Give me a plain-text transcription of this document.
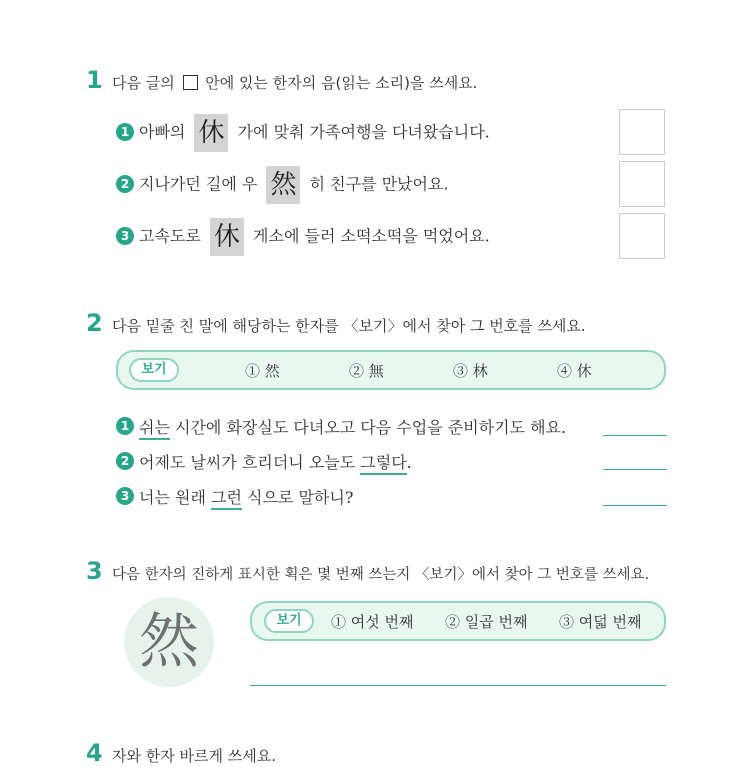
1 다음 글의 안에 있는 한자의 음(읽는 소리)을 쓰세요.
1 아빠의 休 가에 맞춰 가족여행을 다녀왔습니다.
2 지나가던 길에 우 然 히 친구를 만났어요.
3 고속도로 休 게소에 들러 소떡소떡을 먹었어요.
2 다음 밑줄 친 말에 해당하는 한자를 〈보기〉에서 찾아 그 번호를 쓰세요.
보기	① 然	② 無	③ 林	④ 休
1 쉬는 시간에 화장실도 다녀오고 다음 수업을 준비하기도 해요.
2 어제도 날씨가 흐리더니 오늘도 그렇다.
3 너는 원래 그런 식으로 말하니?
3 다음 한자의 진하게 표시한 획은 몇 번째 쓰는지 〈보기〉에서 찾아 그 번호를 쓰세요.
然	보기	① 여섯 번째 ② 일곱 번째 ③ 여덟 번째
4 자와 한자 바르게 쓰세요.
